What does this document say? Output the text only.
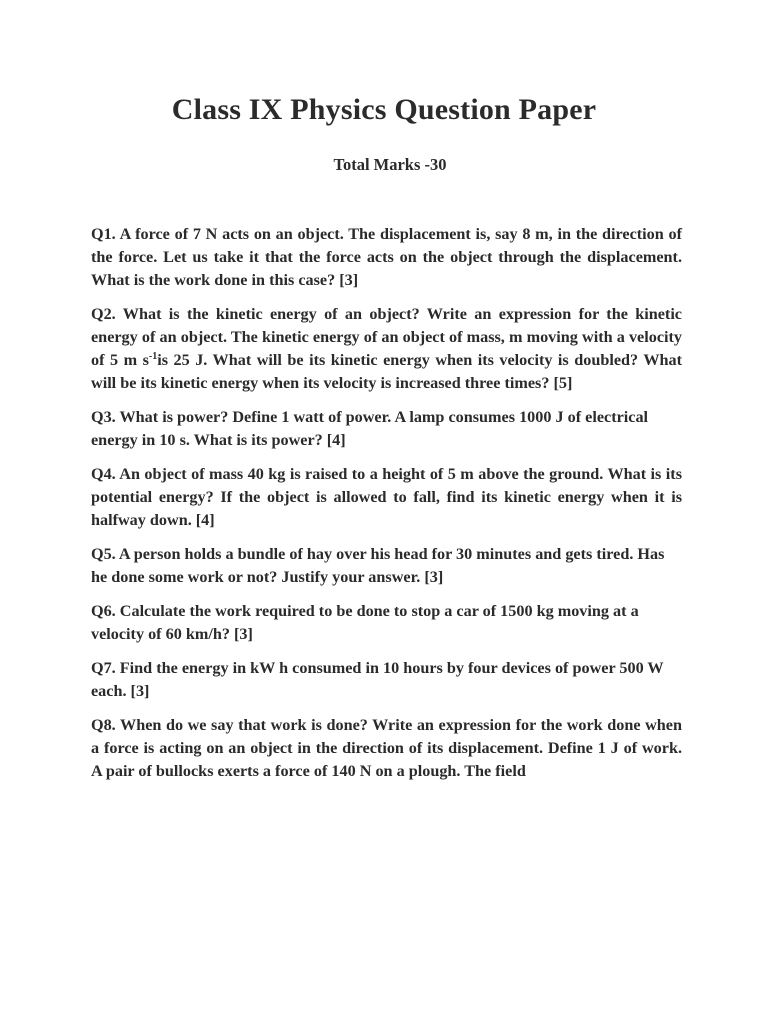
Class IX Physics Question Paper

Total Marks -30

Q1. A force of 7 N acts on an object. The displacement is, say 8 m, in the direction of the force. Let us take it that the force acts on the object through the displacement. What is the work done in this case? [3]

Q2. What is the kinetic energy of an object? Write an expression for the kinetic energy of an object. The kinetic energy of an object of mass, m moving with a velocity of 5 m $s^{-1}is$ 25 J. What will be its kinetic energy when its velocity is doubled? What will be its kinetic energy when its velocity is increased three times? [5]

Q3. What is power? Define 1 watt of power. A lamp consumes 1000 J of electrical energy in 10 s. What is its power? [4]

Q4. An object of mass 40 kg is raised to a height of 5 m above the ground. What is its potential energy? If the object is allowed to fall, find its kinetic energy when it is halfway down. [4]

Q5. A person holds a bundle of hay over his head for 30 minutes and gets tired. Has he done some work or not? Justify your answer. [3]

Q6. Calculate the work required to be done to stop a car of 1500 kg moving at a velocity of 60 km/h? [3]

Q7. Find the energy in kW h consumed in 10 hours by four devices of power 500 W each. [3]

Q8. When do we say that work is done? Write an expression for the work done when a force is acting on an object in the direction of its displacement. Define 1 J of work. A pair of bullocks exerts a force of 140 N on a plough. The field
